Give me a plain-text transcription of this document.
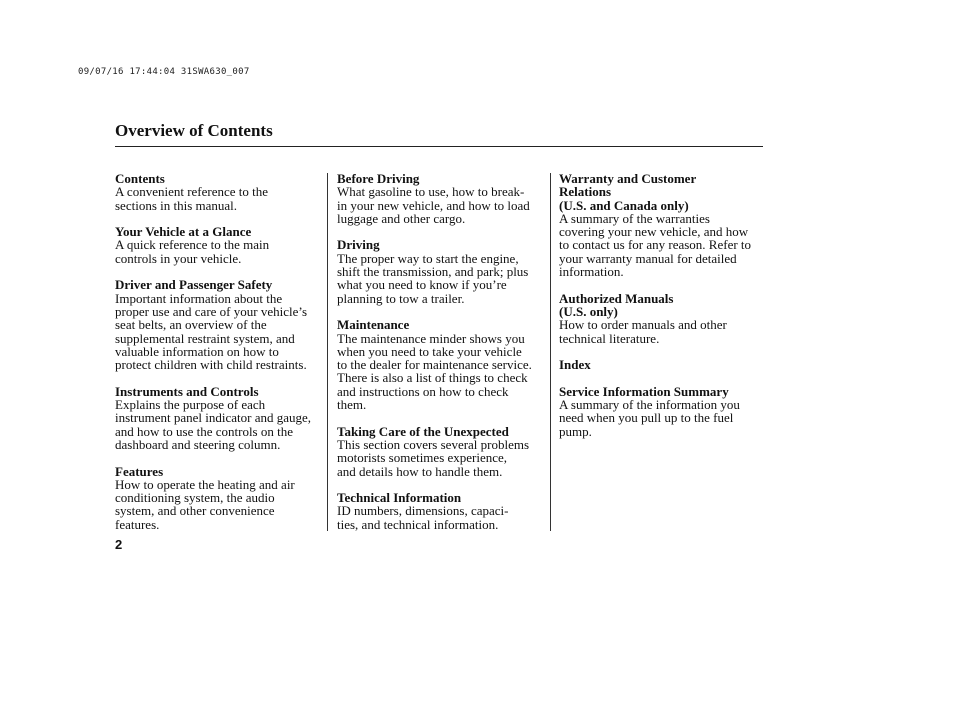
09/07/16 17:44:04 31SWA630_007
Overview of Contents

Contents

A convenient reference to the
sections in this manual.

Your Vehicle at a Glance

A quick reference to the main
controls in your vehicle.

Driver and Passenger Safety

Important information about the
proper use and care of your vehicle’s
seat belts, an overview of the
supplemental restraint system, and
valuable information on how to
protect children with child restraints.

Instruments and Controls

Explains the purpose of each
instrument panel indicator and gauge,
and how to use the controls on the
dashboard and steering column.

Features

How to operate the heating and air
conditioning system, the audio
system, and other convenience
features.

Before Driving

What gasoline to use, how to break-
in your new vehicle, and how to load
luggage and other cargo.

Driving

The proper way to start the engine,
shift the transmission, and park; plus
what you need to know if you’re
planning to tow a trailer.

Maintenance

The maintenance minder shows you
when you need to take your vehicle
to the dealer for maintenance service.
There is also a list of things to check
and instructions on how to check
them.

Taking Care of the Unexpected

This section covers several problems
motorists sometimes experience,
and details how to handle them.

Technical Information

ID numbers, dimensions, capaci-
ties, and technical information.

Warranty and Customer
Relations
(U.S. and Canada only)

A summary of the warranties
covering your new vehicle, and how
to contact us for any reason. Refer to
your warranty manual for detailed
information.

Authorized Manuals
(U.S. only)

How to order manuals and other
technical literature.

Index

Service Information Summary

A summary of the information you
need when you pull up to the fuel
pump.

2
